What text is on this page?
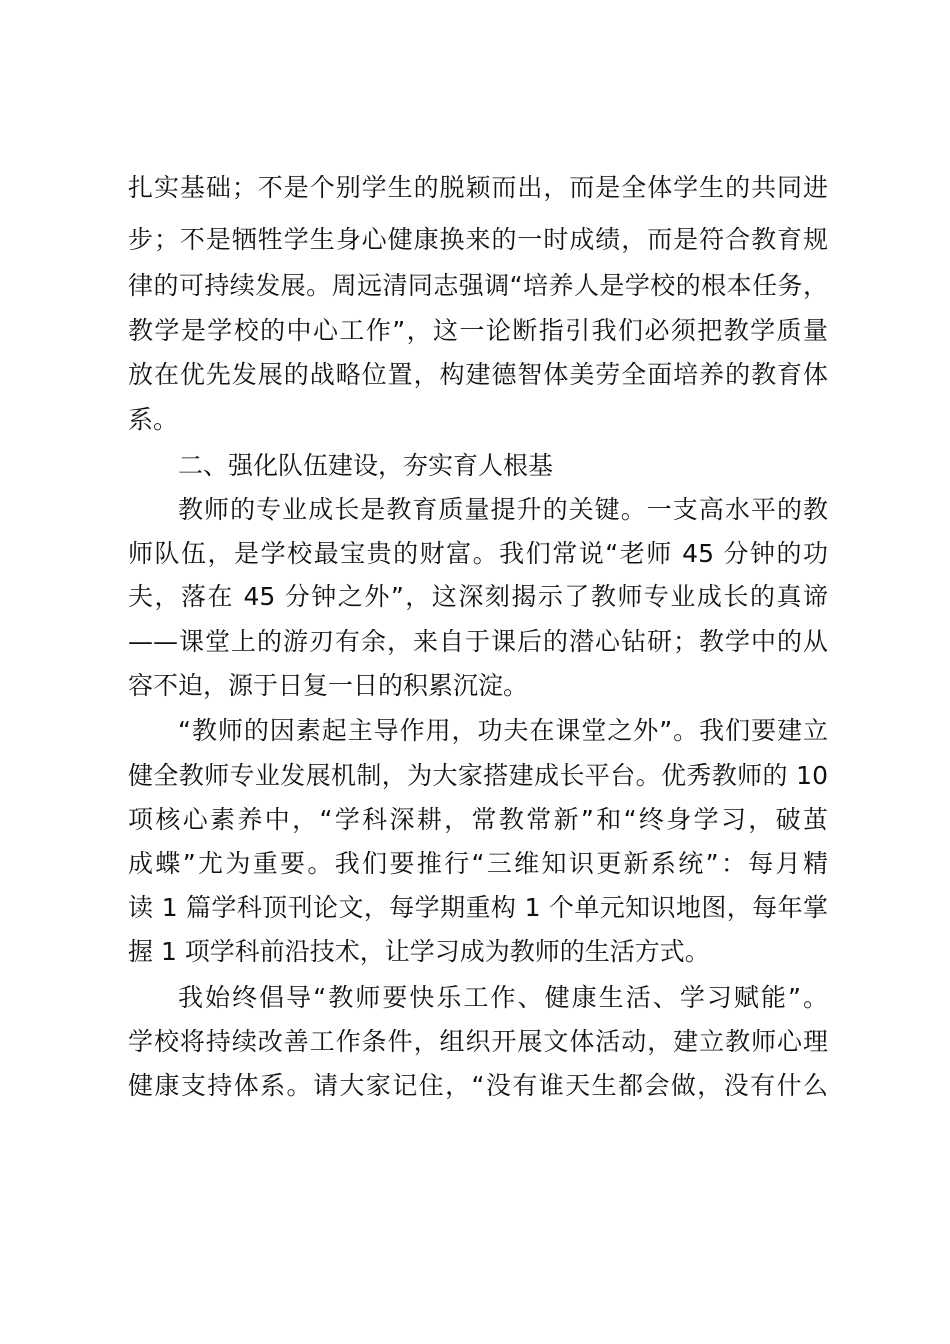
扎实基础；不是个别学生的脱颖而出，而是全体学生的共同进
步；不是牺牲学生身心健康换来的一时成绩，而是符合教育规
律的可持续发展。周远清同志强调“培养人是学校的根本任务，
教学是学校的中心工作”，这一论断指引我们必须把教学质量
放在优先发展的战略位置，构建德智体美劳全面培养的教育体
系。
二、强化队伍建设，夯实育人根基
教师的专业成长是教育质量提升的关键。一支高水平的教
师队伍，是学校最宝贵的财富。我们常说“老师 45 分钟的功
夫，落在 45 分钟之外”，这深刻揭示了教师专业成长的真谛
——课堂上的游刃有余，来自于课后的潜心钻研；教学中的从
容不迫，源于日复一日的积累沉淀。
“教师的因素起主导作用，功夫在课堂之外”。我们要建立
健全教师专业发展机制，为大家搭建成长平台。优秀教师的 10
项核心素养中，“学科深耕，常教常新”和“终身学习，破茧
成蝶”尤为重要。我们要推行“三维知识更新系统”：每月精
读 1 篇学科顶刊论文，每学期重构 1 个单元知识地图，每年掌
握 1 项学科前沿技术，让学习成为教师的生活方式。
我始终倡导“教师要快乐工作、健康生活、学习赋能”。
学校将持续改善工作条件，组织开展文体活动，建立教师心理
健康支持体系。请大家记住，“没有谁天生都会做，没有什么
